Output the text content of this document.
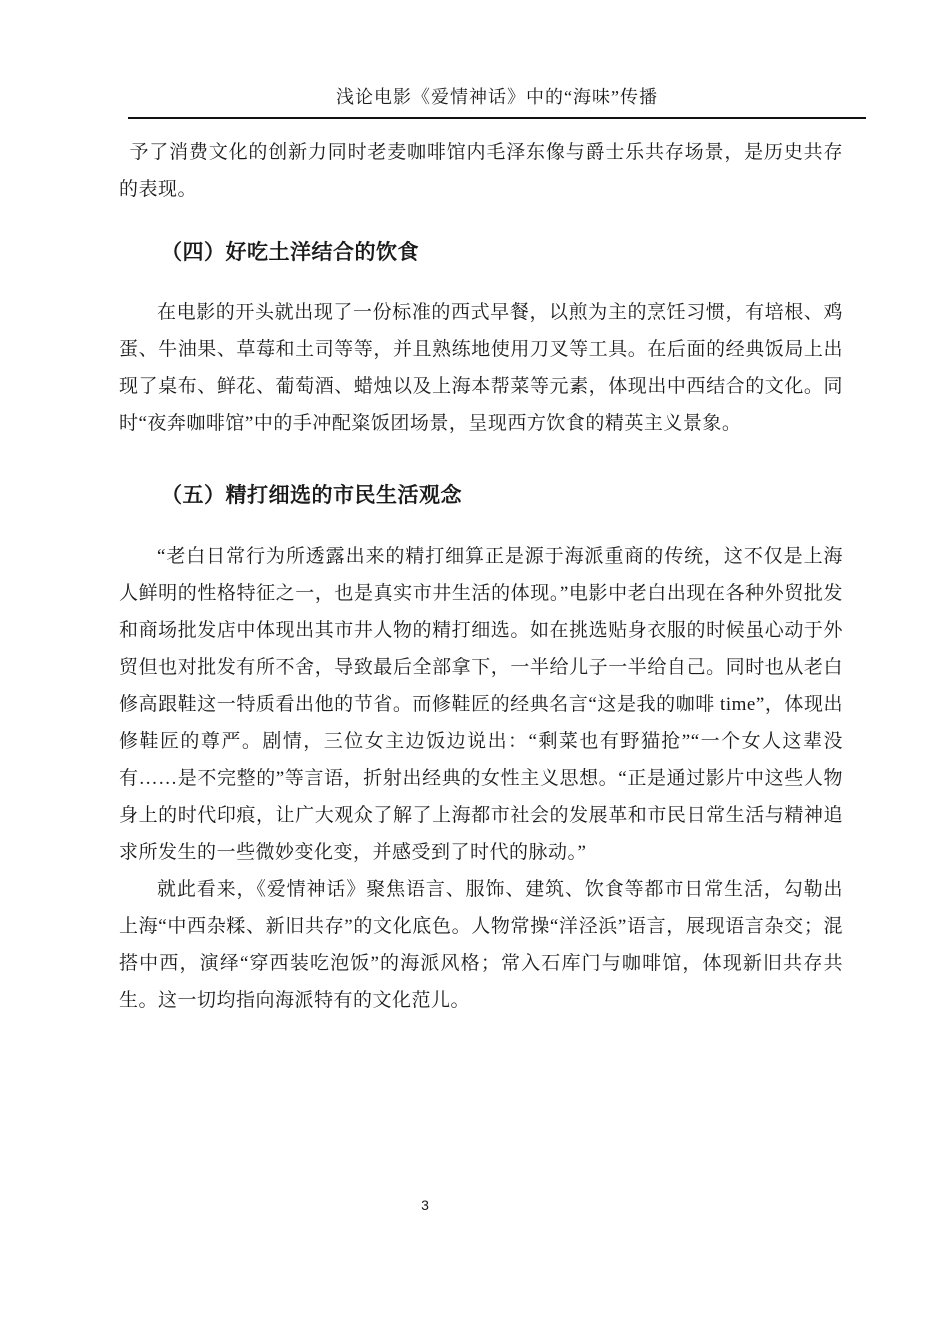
浅论电影《爱情神话》中的“海味”传播

予了消费文化的创新力同时老麦咖啡馆内毛泽东像与爵士乐共存场景，是历史共存的表现。

（四）好吃土洋结合的饮食

在电影的开头就出现了一份标准的西式早餐，以煎为主的烹饪习惯，有培根、鸡蛋、牛油果、草莓和土司等等，并且熟练地使用刀叉等工具。在后面的经典饭局上出现了桌布、鲜花、葡萄酒、蜡烛以及上海本帮菜等元素，体现出中西结合的文化。同时“夜奔咖啡馆”中的手冲配粢饭团场景，呈现西方饮食的精英主义景象。

（五）精打细选的市民生活观念

“老白日常行为所透露出来的精打细算正是源于海派重商的传统，这不仅是上海人鲜明的性格特征之一，也是真实市井生活的体现。”电影中老白出现在各种外贸批发和商场批发店中体现出其市井人物的精打细选。如在挑选贴身衣服的时候虽心动于外贸但也对批发有所不舍，导致最后全部拿下，一半给儿子一半给自己。同时也从老白修高跟鞋这一特质看出他的节省。而修鞋匠的经典名言“这是我的咖啡 time”，体现出修鞋匠的尊严。剧情，三位女主边饭边说出：“剩菜也有野猫抢”“一个女人这辈没有……是不完整的”等言语，折射出经典的女性主义思想。“正是通过影片中这些人物身上的时代印痕，让广大观众了解了上海都市社会的发展革和市民日常生活与精神追求所发生的一些微妙变化变，并感受到了时代的脉动。”

就此看来，《爱情神话》聚焦语言、服饰、建筑、饮食等都市日常生活，勾勒出上海“中西杂糅、新旧共存”的文化底色。人物常操“洋泾浜”语言，展现语言杂交；混搭中西，演绎“穿西装吃泡饭”的海派风格；常入石库门与咖啡馆，体现新旧共存共生。这一切均指向海派特有的文化范儿。

3
